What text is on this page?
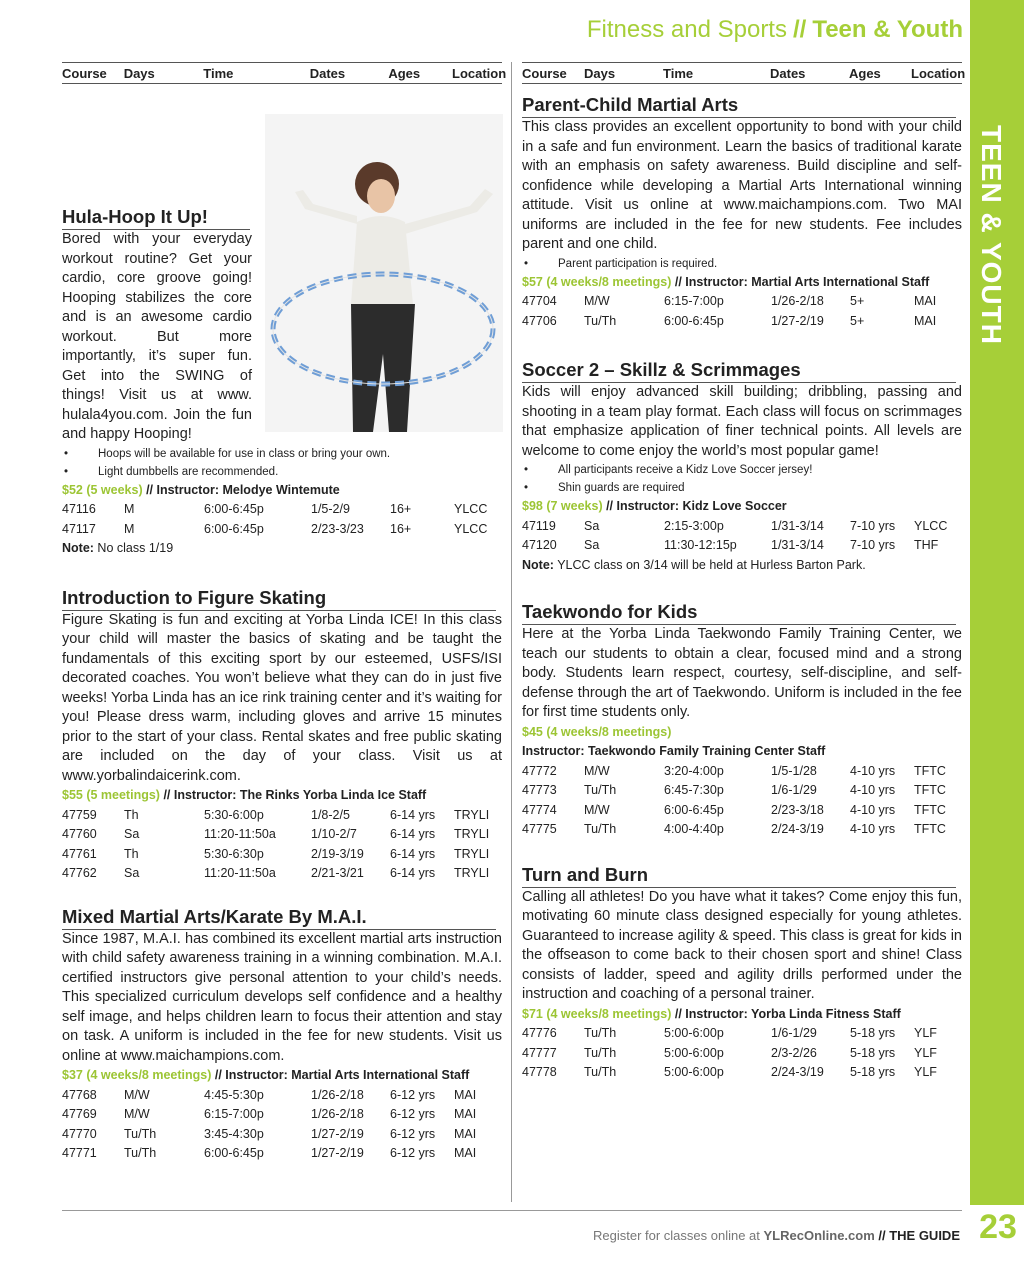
Fitness and Sports // Teen & Youth
TEEN & YOUTH
Course	Days	Time	Dates	Ages	Location
Hula-Hoop It Up!

Bored with your everyday workout routine? Get your cardio, core groove going! Hooping stabilizes the core and is an awesome cardio workout. But more importantly, it’s super fun. Get into the SWING of things! Visit us at www. hulala4you.com. Join the fun and happy Hooping!

• Hoops will be available for use in class or bring your own.
• Light dumbbells are recommended.
$52 (5 weeks) // Instructor: Melodye Wintemute
47116	M	6:00-6:45p	1/5-2/9	16+	YLCC
47117	M	6:00-6:45p	2/23-3/23	16+	YLCC
Note: No class 1/19
Introduction to Figure Skating

Figure Skating is fun and exciting at Yorba Linda ICE! In this class your child will master the basics of skating and be taught the fundamentals of this exciting sport by our esteemed, USFS/ISI decorated coaches. You won’t believe what they can do in just five weeks! Yorba Linda has an ice rink training center and it’s waiting for you! Please dress warm, including gloves and arrive 15 minutes prior to the start of your class. Rental skates and free public skating are included on the day of your class. Visit us at www.yorbalindaicerink.com.

$55 (5 meetings) // Instructor: The Rinks Yorba Linda Ice Staff
47759	Th	5:30-6:00p	1/8-2/5	6-14 yrs	TRYLI
47760	Sa	11:20-11:50a	1/10-2/7	6-14 yrs	TRYLI
47761	Th	5:30-6:30p	2/19-3/19	6-14 yrs	TRYLI
47762	Sa	11:20-11:50a	2/21-3/21	6-14 yrs	TRYLI
Mixed Martial Arts/Karate By M.A.I.

Since 1987, M.A.I. has combined its excellent martial arts instruction with child safety awareness training in a winning combination. M.A.I. certified instructors give personal attention to your child’s needs. This specialized curriculum develops self confidence and a healthy self image, and helps children learn to focus their attention and stay on task. A uniform is included in the fee for new students. Visit us online at www.maichampions.com.

$37 (4 weeks/8 meetings) // Instructor: Martial Arts International Staff
47768	M/W	4:45-5:30p	1/26-2/18	6-12 yrs	MAI
47769	M/W	6:15-7:00p	1/26-2/18	6-12 yrs	MAI
47770	Tu/Th	3:45-4:30p	1/27-2/19	6-12 yrs	MAI
47771	Tu/Th	6:00-6:45p	1/27-2/19	6-12 yrs	MAI
Course	Days	Time	Dates	Ages	Location
Parent-Child Martial Arts

This class provides an excellent opportunity to bond with your child in a safe and fun environment. Learn the basics of traditional karate with an emphasis on safety awareness. Build discipline and self-confidence while developing a Martial Arts International winning attitude. Visit us online at www.maichampions.com. Two MAI uniforms are included in the fee for new students. Fee includes parent and one child.

• Parent participation is required.
$57 (4 weeks/8 meetings) // Instructor: Martial Arts International Staff
47704	M/W	6:15-7:00p	1/26-2/18	5+	MAI
47706	Tu/Th	6:00-6:45p	1/27-2/19	5+	MAI
Soccer 2 – Skillz & Scrimmages

Kids will enjoy advanced skill building; dribbling, passing and shooting in a team play format. Each class will focus on scrimmages that emphasize application of finer technical points. All levels are welcome to come enjoy the world’s most popular game!

• All participants receive a Kidz Love Soccer jersey!
• Shin guards are required
$98 (7 weeks) // Instructor: Kidz Love Soccer
47119	Sa	2:15-3:00p	1/31-3/14	7-10 yrs	YLCC
47120	Sa	11:30-12:15p	1/31-3/14	7-10 yrs	THF
Note: YLCC class on 3/14 will be held at Hurless Barton Park.
Taekwondo for Kids

Here at the Yorba Linda Taekwondo Family Training Center, we teach our students to obtain a clear, focused mind and a strong body. Students learn respect, courtesy, self-discipline, and self-defense through the art of Taekwondo. Uniform is included in the fee for first time students only.

$45 (4 weeks/8 meetings)
Instructor: Taekwondo Family Training Center Staff
47772	M/W	3:20-4:00p	1/5-1/28	4-10 yrs	TFTC
47773	Tu/Th	6:45-7:30p	1/6-1/29	4-10 yrs	TFTC
47774	M/W	6:00-6:45p	2/23-3/18	4-10 yrs	TFTC
47775	Tu/Th	4:00-4:40p	2/24-3/19	4-10 yrs	TFTC
Turn and Burn

Calling all athletes! Do you have what it takes? Come enjoy this fun, motivating 60 minute class designed especially for young athletes. Guaranteed to increase agility & speed. This class is great for kids in the offseason to come back to their chosen sport and shine! Class consists of ladder, speed and agility drills performed under the instruction and coaching of a personal trainer.

$71 (4 weeks/8 meetings) // Instructor: Yorba Linda Fitness Staff
47776	Tu/Th	5:00-6:00p	1/6-1/29	5-18 yrs	YLF
47777	Tu/Th	5:00-6:00p	2/3-2/26	5-18 yrs	YLF
47778	Tu/Th	5:00-6:00p	2/24-3/19	5-18 yrs	YLF
Register for classes online at YLRecOnline.com // THE GUIDE 23
